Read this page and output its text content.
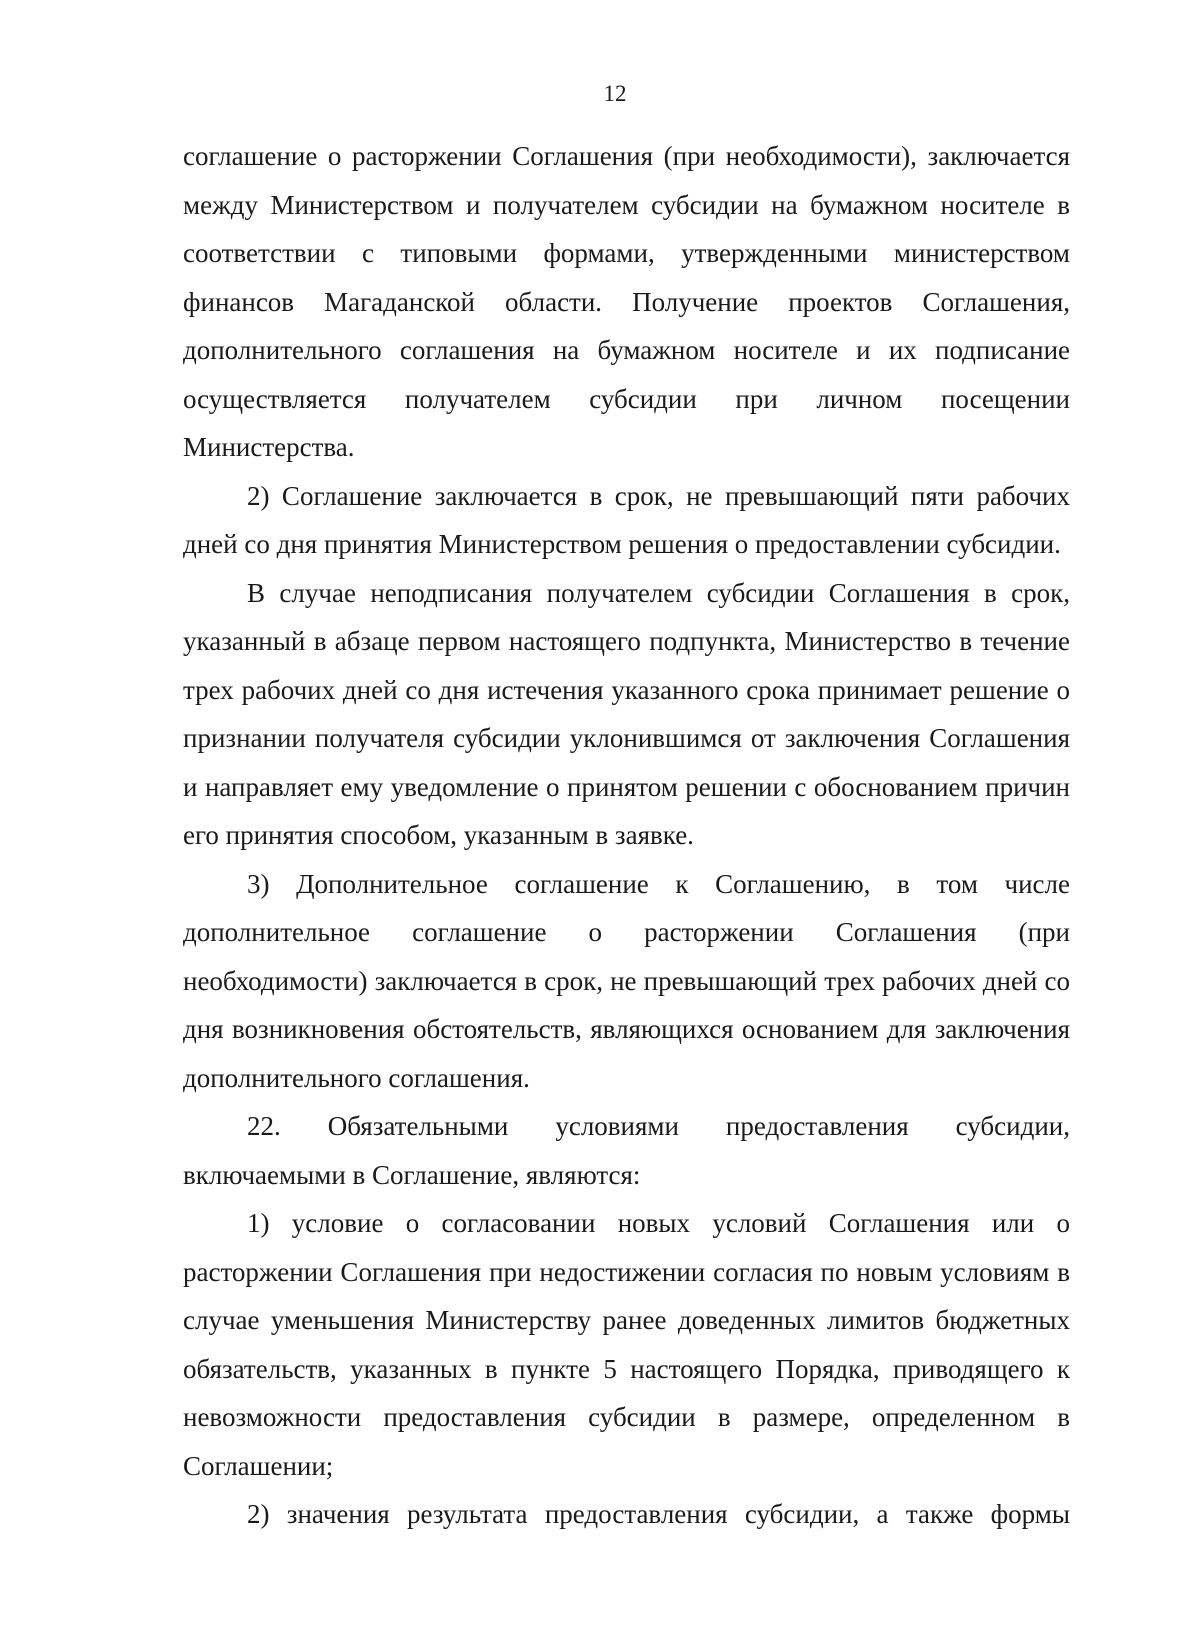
12

соглашение о расторжении Соглашения (при необходимости), заключается между Министерством и получателем субсидии на бумажном носителе в соответствии с типовыми формами, утвержденными министерством финансов Магаданской области. Получение проектов Соглашения, дополнительного соглашения на бумажном носителе и их подписание осуществляется получателем субсидии при личном посещении Министерства.

2) Соглашение заключается в срок, не превышающий пяти рабочих дней со дня принятия Министерством решения о предоставлении субсидии.

В случае неподписания получателем субсидии Соглашения в срок, указанный в абзаце первом настоящего подпункта, Министерство в течение трех рабочих дней со дня истечения указанного срока принимает решение о признании получателя субсидии уклонившимся от заключения Соглашения и направляет ему уведомление о принятом решении с обоснованием причин его принятия способом, указанным в заявке.

3) Дополнительное соглашение к Соглашению, в том числе дополнительное соглашение о расторжении Соглашения (при необходимости) заключается в срок, не превышающий трех рабочих дней со дня возникновения обстоятельств, являющихся основанием для заключения дополнительного соглашения.

22. Обязательными условиями предоставления субсидии, включаемыми в Соглашение, являются:

1) условие о согласовании новых условий Соглашения или о расторжении Соглашения при недостижении согласия по новым условиям в случае уменьшения Министерству ранее доведенных лимитов бюджетных обязательств, указанных в пункте 5 настоящего Порядка, приводящего к невозможности предоставления субсидии в размере, определенном в Соглашении;

2) значения результата предоставления субсидии, а также формы
